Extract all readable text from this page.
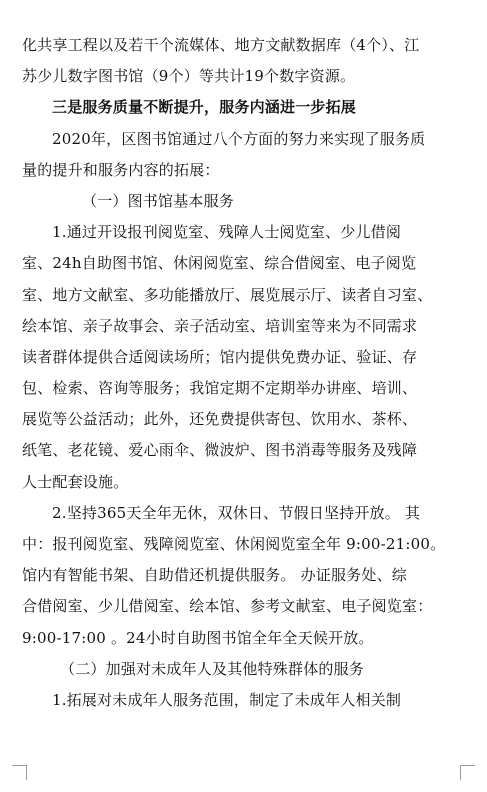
化共享工程以及若干个流媒体、地方文献数据库（4个）、江
苏少儿数字图书馆（9个）等共计19个数字资源。
三是服务质量不断提升，服务内涵进一步拓展
2020年，区图书馆通过八个方面的努力来实现了服务质
量的提升和服务内容的拓展：
（一）图书馆基本服务
1.通过开设报刊阅览室、残障人士阅览室、少儿借阅
室、24h自助图书馆、休闲阅览室、综合借阅室、电子阅览
室、地方文献室、多功能播放厅、展览展示厅、读者自习室、
绘本馆、亲子故事会、亲子活动室、培训室等来为不同需求
读者群体提供合适阅读场所；馆内提供免费办证、验证、存
包、检索、咨询等服务；我馆定期不定期举办讲座、培训、
展览等公益活动；此外，还免费提供寄包、饮用水、茶杯、
纸笔、老花镜、爱心雨伞、微波炉、图书消毒等服务及残障
人士配套设施。
2.坚持365天全年无休，双休日、节假日坚持开放。 其
中：报刊阅览室、残障阅览室、休闲阅览室全年 9:00-21:00。
馆内有智能书架、自助借还机提供服务。 办证服务处、综
合借阅室、少儿借阅室、绘本馆、参考文献室、电子阅览室：
9:00-17:00 。24小时自助图书馆全年全天候开放。
（二）加强对未成年人及其他特殊群体的服务
1.拓展对未成年人服务范围，制定了未成年人相关制
